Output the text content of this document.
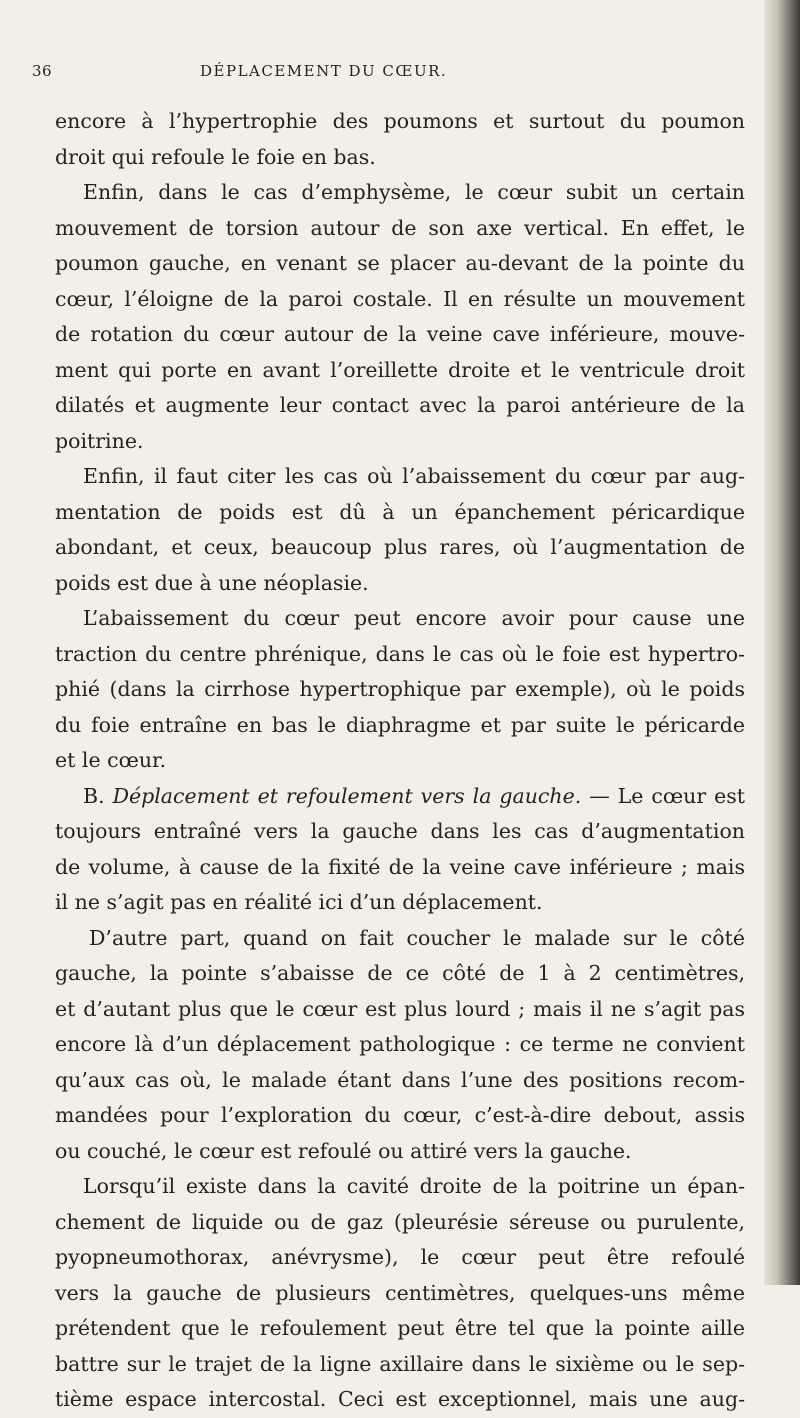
36	DÉPLACEMENT DU CŒUR.
encore à l’hypertrophie des poumons et surtout du poumon
droit qui refoule le foie en bas.
Enfin, dans le cas d’emphysème, le cœur subit un certain
mouvement de torsion autour de son axe vertical. En effet, le
poumon gauche, en venant se placer au-devant de la pointe du
cœur, l’éloigne de la paroi costale. Il en résulte un mouvement
de rotation du cœur autour de la veine cave inférieure, mouve-
ment qui porte en avant l’oreillette droite et le ventricule droit
dilatés et augmente leur contact avec la paroi antérieure de la
poitrine.
Enfin, il faut citer les cas où l’abaissement du cœur par aug-
mentation de poids est dû à un épanchement péricardique
abondant, et ceux, beaucoup plus rares, où l’augmentation de
poids est due à une néoplasie.
L’abaissement du cœur peut encore avoir pour cause une
traction du centre phrénique, dans le cas où le foie est hypertro-
phié (dans la cirrhose hypertrophique par exemple), où le poids
du foie entraîne en bas le diaphragme et par suite le péricarde
et le cœur.
B. Déplacement et refoulement vers la gauche. — Le cœur est
toujours entraîné vers la gauche dans les cas d’augmentation
de volume, à cause de la fixité de la veine cave inférieure ; mais
il ne s’agit pas en réalité ici d’un déplacement.
D’autre part, quand on fait coucher le malade sur le côté
gauche, la pointe s’abaisse de ce côté de 1 à 2 centimètres,
et d’autant plus que le cœur est plus lourd ; mais il ne s’agit pas
encore là d’un déplacement pathologique : ce terme ne convient
qu’aux cas où, le malade étant dans l’une des positions recom-
mandées pour l’exploration du cœur, c’est-à-dire debout, assis
ou couché, le cœur est refoulé ou attiré vers la gauche.
Lorsqu’il existe dans la cavité droite de la poitrine un épan-
chement de liquide ou de gaz (pleurésie séreuse ou purulente,
pyopneumothorax, anévrysme), le cœur peut être refoulé
vers la gauche de plusieurs centimètres, quelques-uns même
prétendent que le refoulement peut être tel que la pointe aille
battre sur le trajet de la ligne axillaire dans le sixième ou le sep-
tième espace intercostal. Ceci est exceptionnel, mais une aug-
